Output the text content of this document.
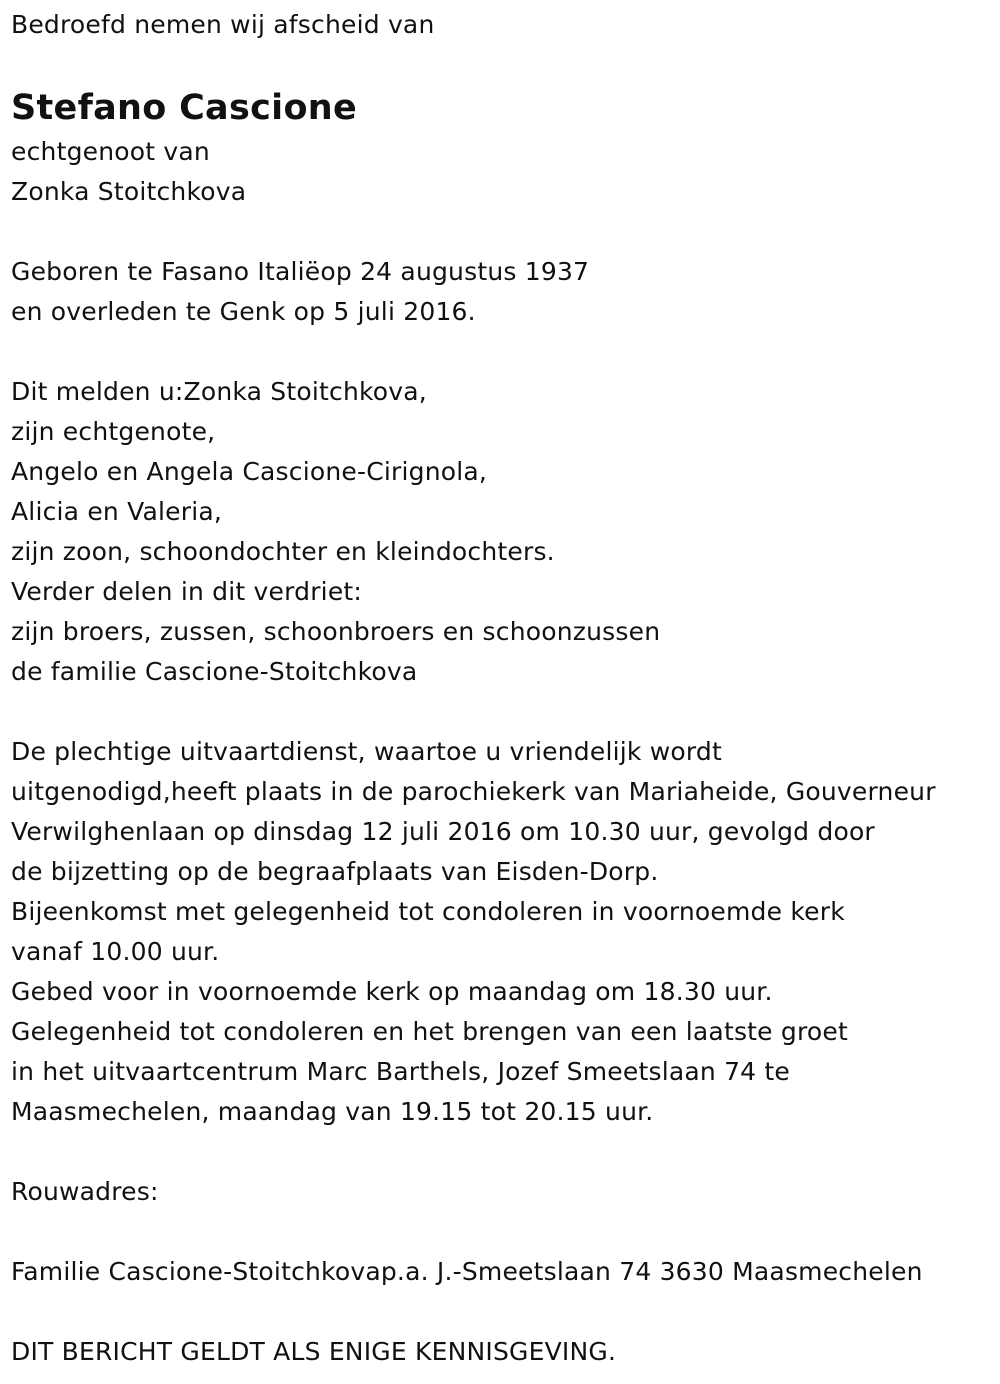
Bedroefd nemen wij afscheid van
Stefano Cascione
echtgenoot van
Zonka Stoitchkova
Geboren te Fasano Italiëop 24 augustus 1937
en overleden te Genk op 5 juli 2016.
Dit melden u:Zonka Stoitchkova,
zijn echtgenote,
Angelo en Angela Cascione-Cirignola,
Alicia en Valeria,
zijn zoon, schoondochter en kleindochters.
Verder delen in dit verdriet:
zijn broers, zussen, schoonbroers en schoonzussen
de familie Cascione-Stoitchkova
De plechtige uitvaartdienst, waartoe u vriendelijk wordt
uitgenodigd,heeft plaats in de parochiekerk van Mariaheide, Gouverneur
Verwilghenlaan op dinsdag 12 juli 2016 om 10.30 uur, gevolgd door
de bijzetting op de begraafplaats van Eisden-Dorp.
Bijeenkomst met gelegenheid tot condoleren in voornoemde kerk
vanaf 10.00 uur.
Gebed voor in voornoemde kerk op maandag om 18.30 uur.
Gelegenheid tot condoleren en het brengen van een laatste groet
in het uitvaartcentrum Marc Barthels, Jozef Smeetslaan 74 te
Maasmechelen, maandag van 19.15 tot 20.15 uur.
Rouwadres:
Familie Cascione-Stoitchkovap.a. J.-Smeetslaan 74 3630 Maasmechelen
DIT BERICHT GELDT ALS ENIGE KENNISGEVING.
